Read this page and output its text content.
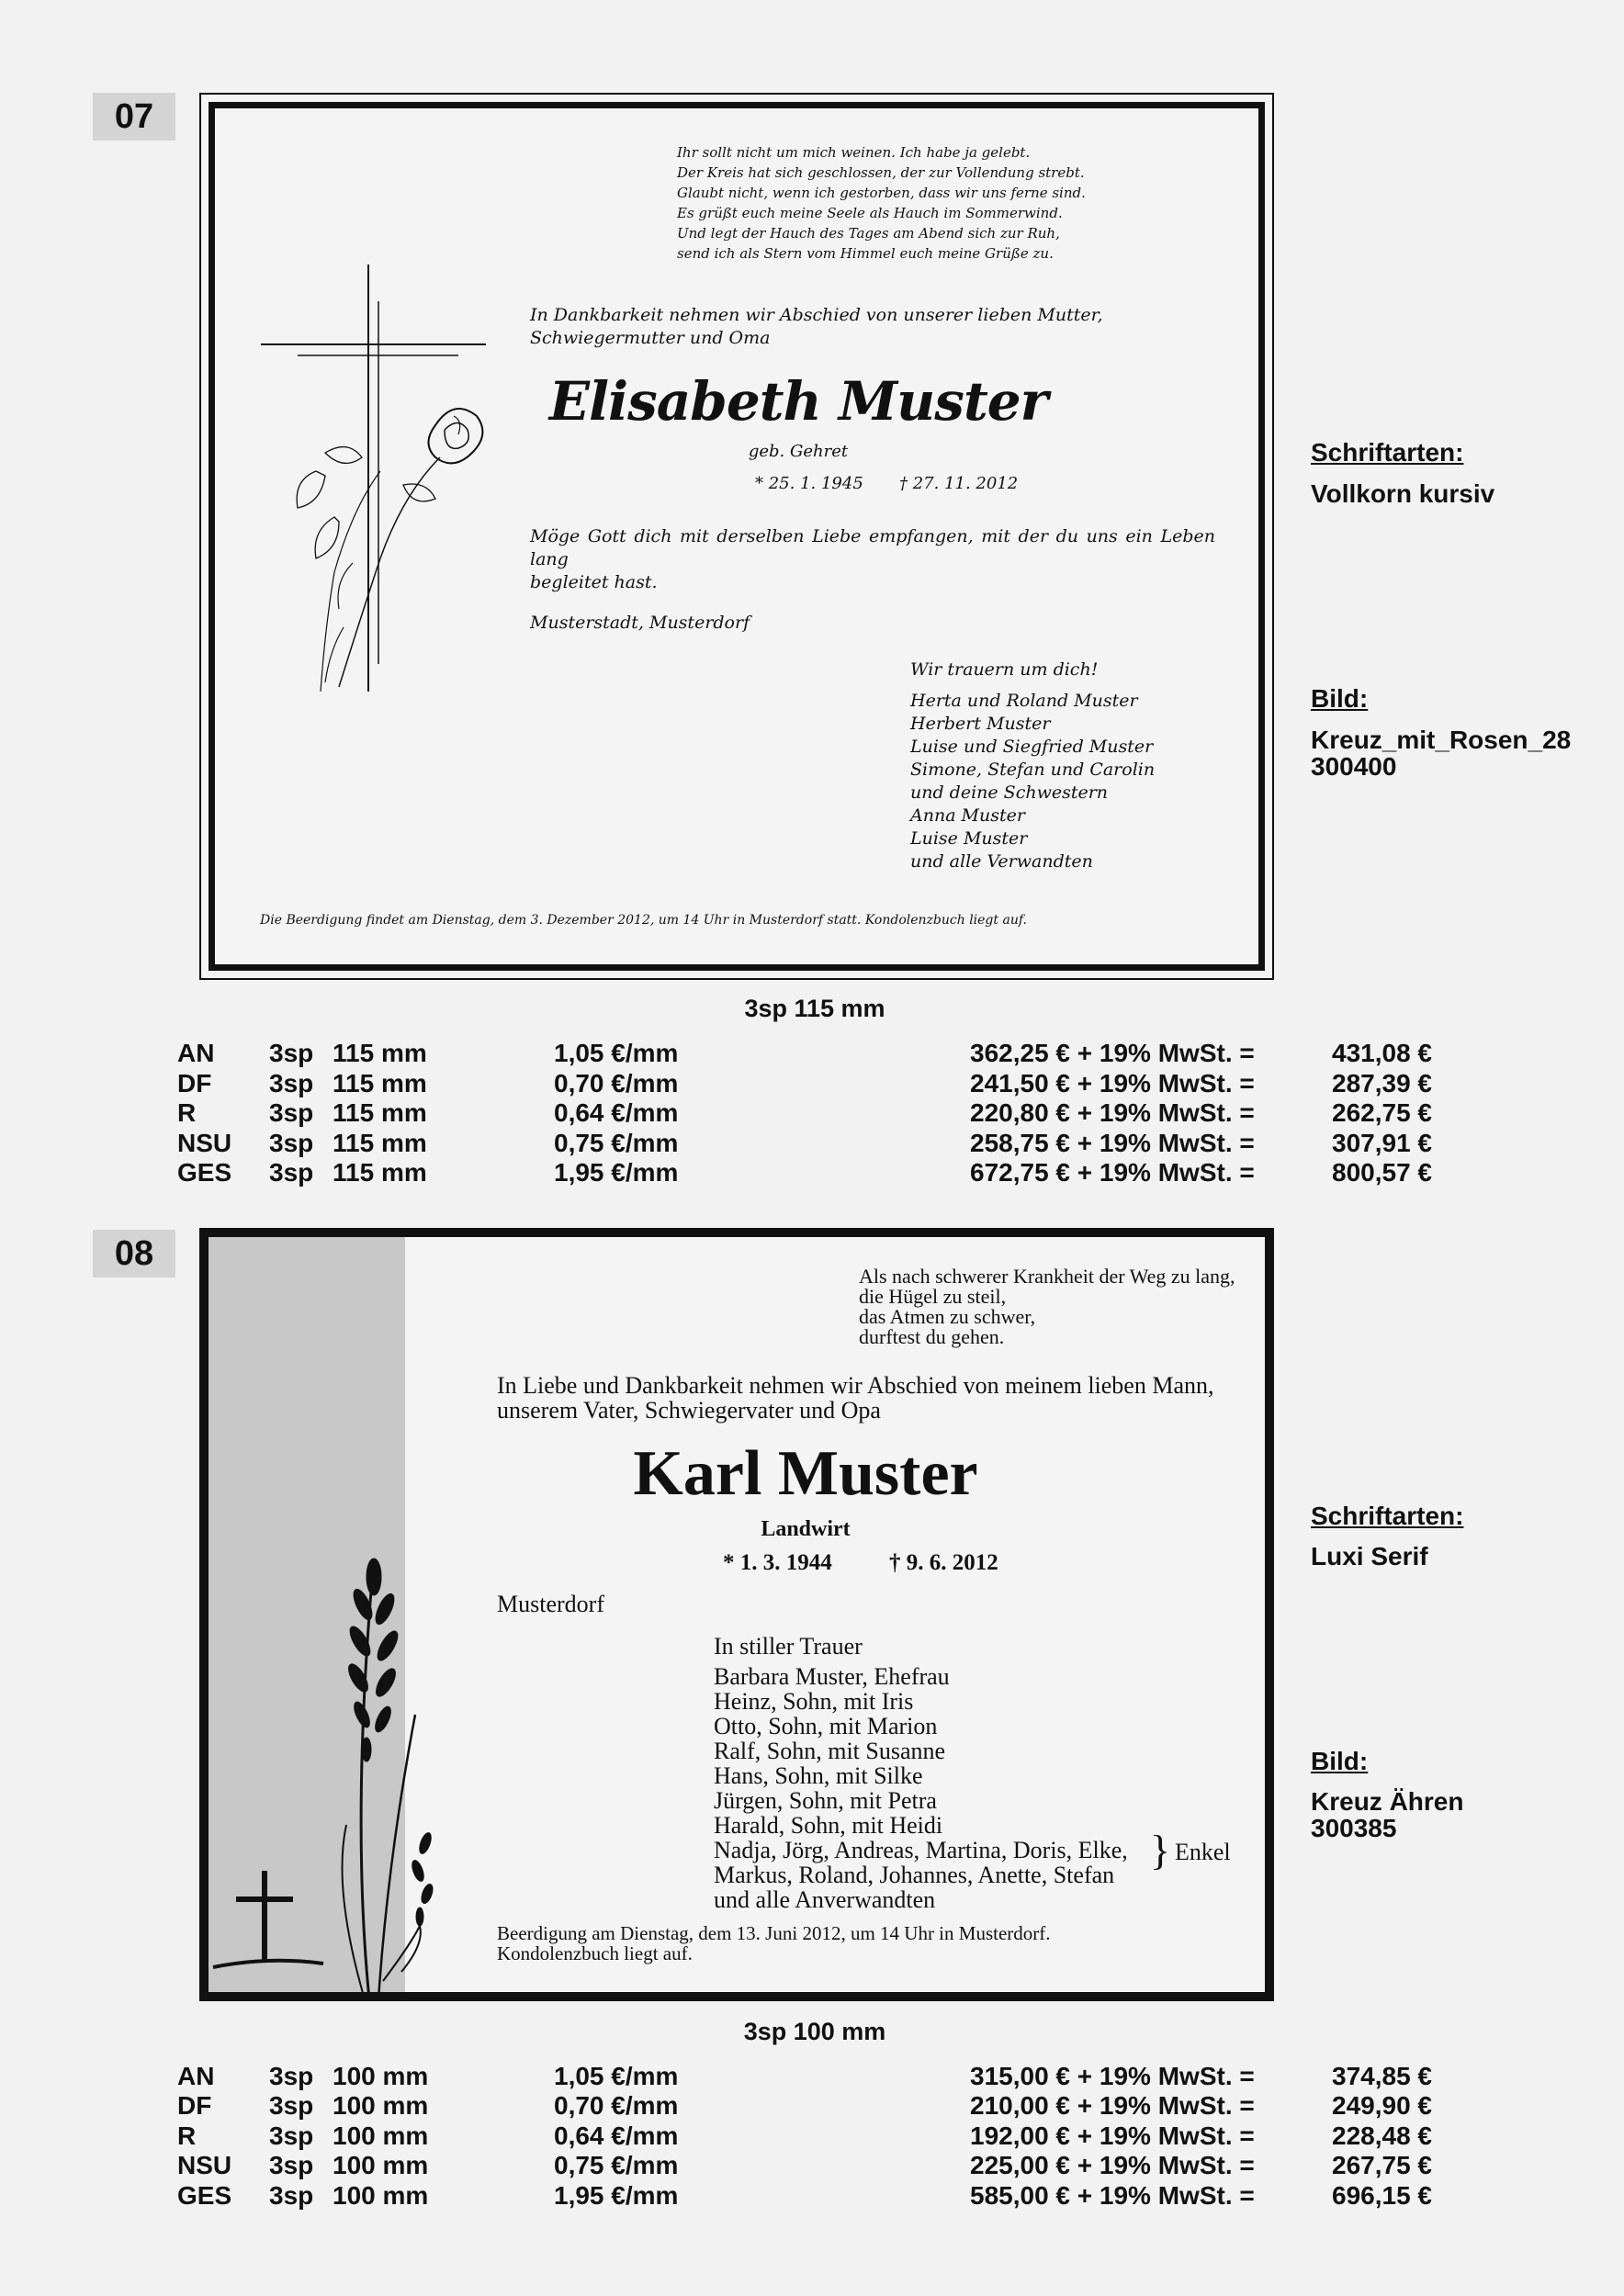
07
Ihr sollt nicht um mich weinen. Ich habe ja gelebt.
Der Kreis hat sich geschlossen, der zur Vollendung strebt.
Glaubt nicht, wenn ich gestorben, dass wir uns ferne sind.
Es grüßt euch meine Seele als Hauch im Sommerwind.
Und legt der Hauch des Tages am Abend sich zur Ruh,
send ich als Stern vom Himmel euch meine Grüße zu.
In Dankbarkeit nehmen wir Abschied von unserer lieben Mutter,
Schwiegermutter und Oma
Elisabeth Muster
geb. Gehret
* 25. 1. 1945 † 27. 11. 2012
Möge Gott dich mit derselben Liebe empfangen, mit der du uns ein Leben lang
begleitet hast.
Musterstadt, Musterdorf
Wir trauern um dich!
Herta und Roland Muster
Herbert Muster
Luise und Siegfried Muster
Simone, Stefan und Carolin
und deine Schwestern
Anna Muster
Luise Muster
und alle Verwandten
Die Beerdigung findet am Dienstag, dem 3. Dezember 2012, um 14 Uhr in Musterdorf statt. Kondolenzbuch liegt auf.
3sp 115 mm
Schriftarten:
Vollkorn kursiv
Bild:
Kreuz_mit_Rosen_28
300400
AN 3sp 115 mm	1,05 €/mm	362,25 € + 19% MwSt. =	431,08 €
DF 3sp 115 mm	0,70 €/mm	241,50 € + 19% MwSt. =	287,39 €
R	3sp 115 mm	0,64 €/mm	220,80 € + 19% MwSt. =	262,75 €
NSU 3sp 115 mm	0,75 €/mm	258,75 € + 19% MwSt. =	307,91 €
GES 3sp 115 mm	1,95 €/mm	672,75 € + 19% MwSt. =	800,57 €
08
Als nach schwerer Krankheit der Weg zu lang,
die Hügel zu steil,
das Atmen zu schwer,
durftest du gehen.
In Liebe und Dankbarkeit nehmen wir Abschied von meinem lieben Mann,
unserem Vater, Schwiegervater und Opa
Karl Muster
Landwirt
* 1. 3. 1944 † 9. 6. 2012
Musterdorf
In stiller Trauer
Barbara Muster, Ehefrau
Heinz, Sohn, mit Iris
Otto, Sohn, mit Marion
Ralf, Sohn, mit Susanne
Hans, Sohn, mit Silke
Jürgen, Sohn, mit Petra
Harald, Sohn, mit Heidi
Nadja, Jörg, Andreas, Martina, Doris, Elke,
Markus, Roland, Johannes, Anette, Stefan
und alle Anverwandten
} Enkel
Beerdigung am Dienstag, dem 13. Juni 2012, um 14 Uhr in Musterdorf.
Kondolenzbuch liegt auf.
3sp 100 mm
Schriftarten:
Luxi Serif
Bild:
Kreuz Ähren
300385
AN 3sp 100 mm	1,05 €/mm	315,00 € + 19% MwSt. =	374,85 €
DF 3sp 100 mm	0,70 €/mm	210,00 € + 19% MwSt. =	249,90 €
R	3sp 100 mm	0,64 €/mm	192,00 € + 19% MwSt. =	228,48 €
NSU 3sp 100 mm	0,75 €/mm	225,00 € + 19% MwSt. =	267,75 €
GES 3sp 100 mm	1,95 €/mm	585,00 € + 19% MwSt. =	696,15 €
